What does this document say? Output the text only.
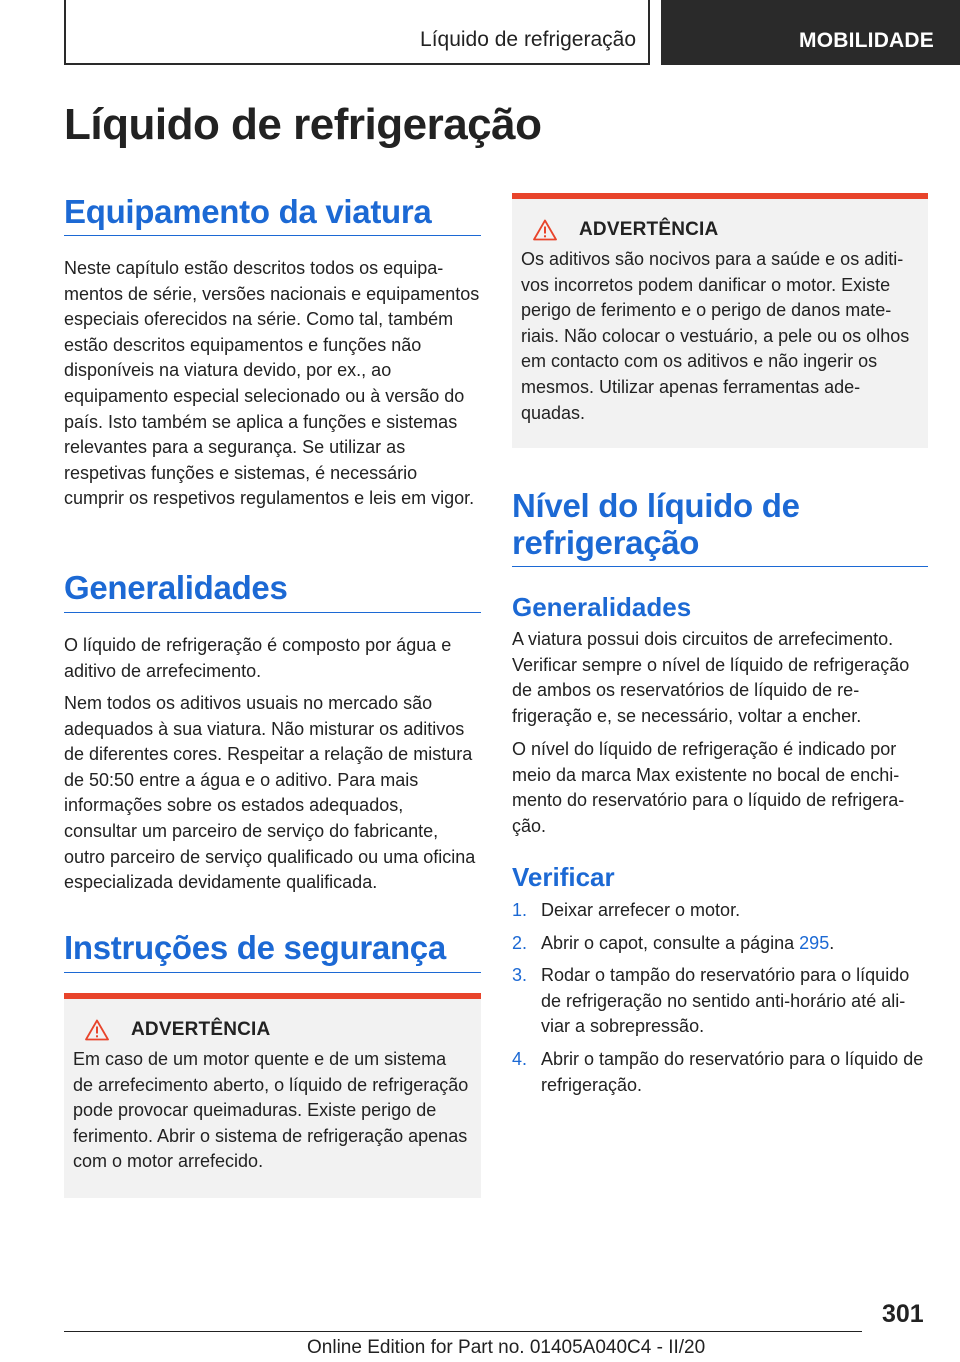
Líquido de refrigeração	MOBILIDADE
Líquido de refrigeração
Equipamento da viatura

Neste capítulo estão descritos todos os equipamentos de série, versões nacionais e equipamentos especiais oferecidos na série. Como tal, também estão descritos equipamentos e funções não disponíveis na viatura devido, por ex., ao equipamento especial selecionado ou à versão do país. Isto também se aplica a funções e sistemas relevantes para a segurança. Se utilizar as respetivas funções e sistemas, é necessário cumprir os respetivos regulamentos e leis em vigor.

Generalidades

O líquido de refrigeração é composto por água e aditivo de arrefecimento.

Nem todos os aditivos usuais no mercado são adequados à sua viatura. Não misturar os aditivos de diferentes cores. Respeitar a relação de mistura de 50:50 entre a água e o aditivo. Para mais informações sobre os estados adequados, consultar um parceiro de serviço do fabricante, outro parceiro de serviço qualificado ou uma oficina especializada devidamente qualificada.

Instruções de segurança
ADVERTÊNCIA

Em caso de um motor quente e de um sistema de arrefecimento aberto, o líquido de refrigeração pode provocar queimaduras. Existe perigo de ferimento. Abrir o sistema de refrigeração apenas com o motor arrefecido.

ADVERTÊNCIA

Os aditivos são nocivos para a saúde e os aditivos incorretos podem danificar o motor. Existe perigo de ferimento e o perigo de danos materiais. Não colocar o vestuário, a pele ou os olhos em contacto com os aditivos e não ingerir os mesmos. Utilizar apenas ferramentas adequadas.

Nível do líquido de refrigeração
Generalidades

A viatura possui dois circuitos de arrefecimento. Verificar sempre o nível de líquido de refrigeração de ambos os reservatórios de líquido de refrigeração e, se necessário, voltar a encher.

O nível do líquido de refrigeração é indicado por meio da marca Max existente no bocal de enchimento do reservatório para o líquido de refrigeração.

Verificar
1. Deixar arrefecer o motor.
2. Abrir o capot, consulte a página 295.
3. Rodar o tampão do reservatório para o líquido de refrigeração no sentido anti-horário até aliviar a sobrepressão.
4. Abrir o tampão do reservatório para o líquido de refrigeração.
301
Online Edition for Part no. 01405A040C4 - II/20
